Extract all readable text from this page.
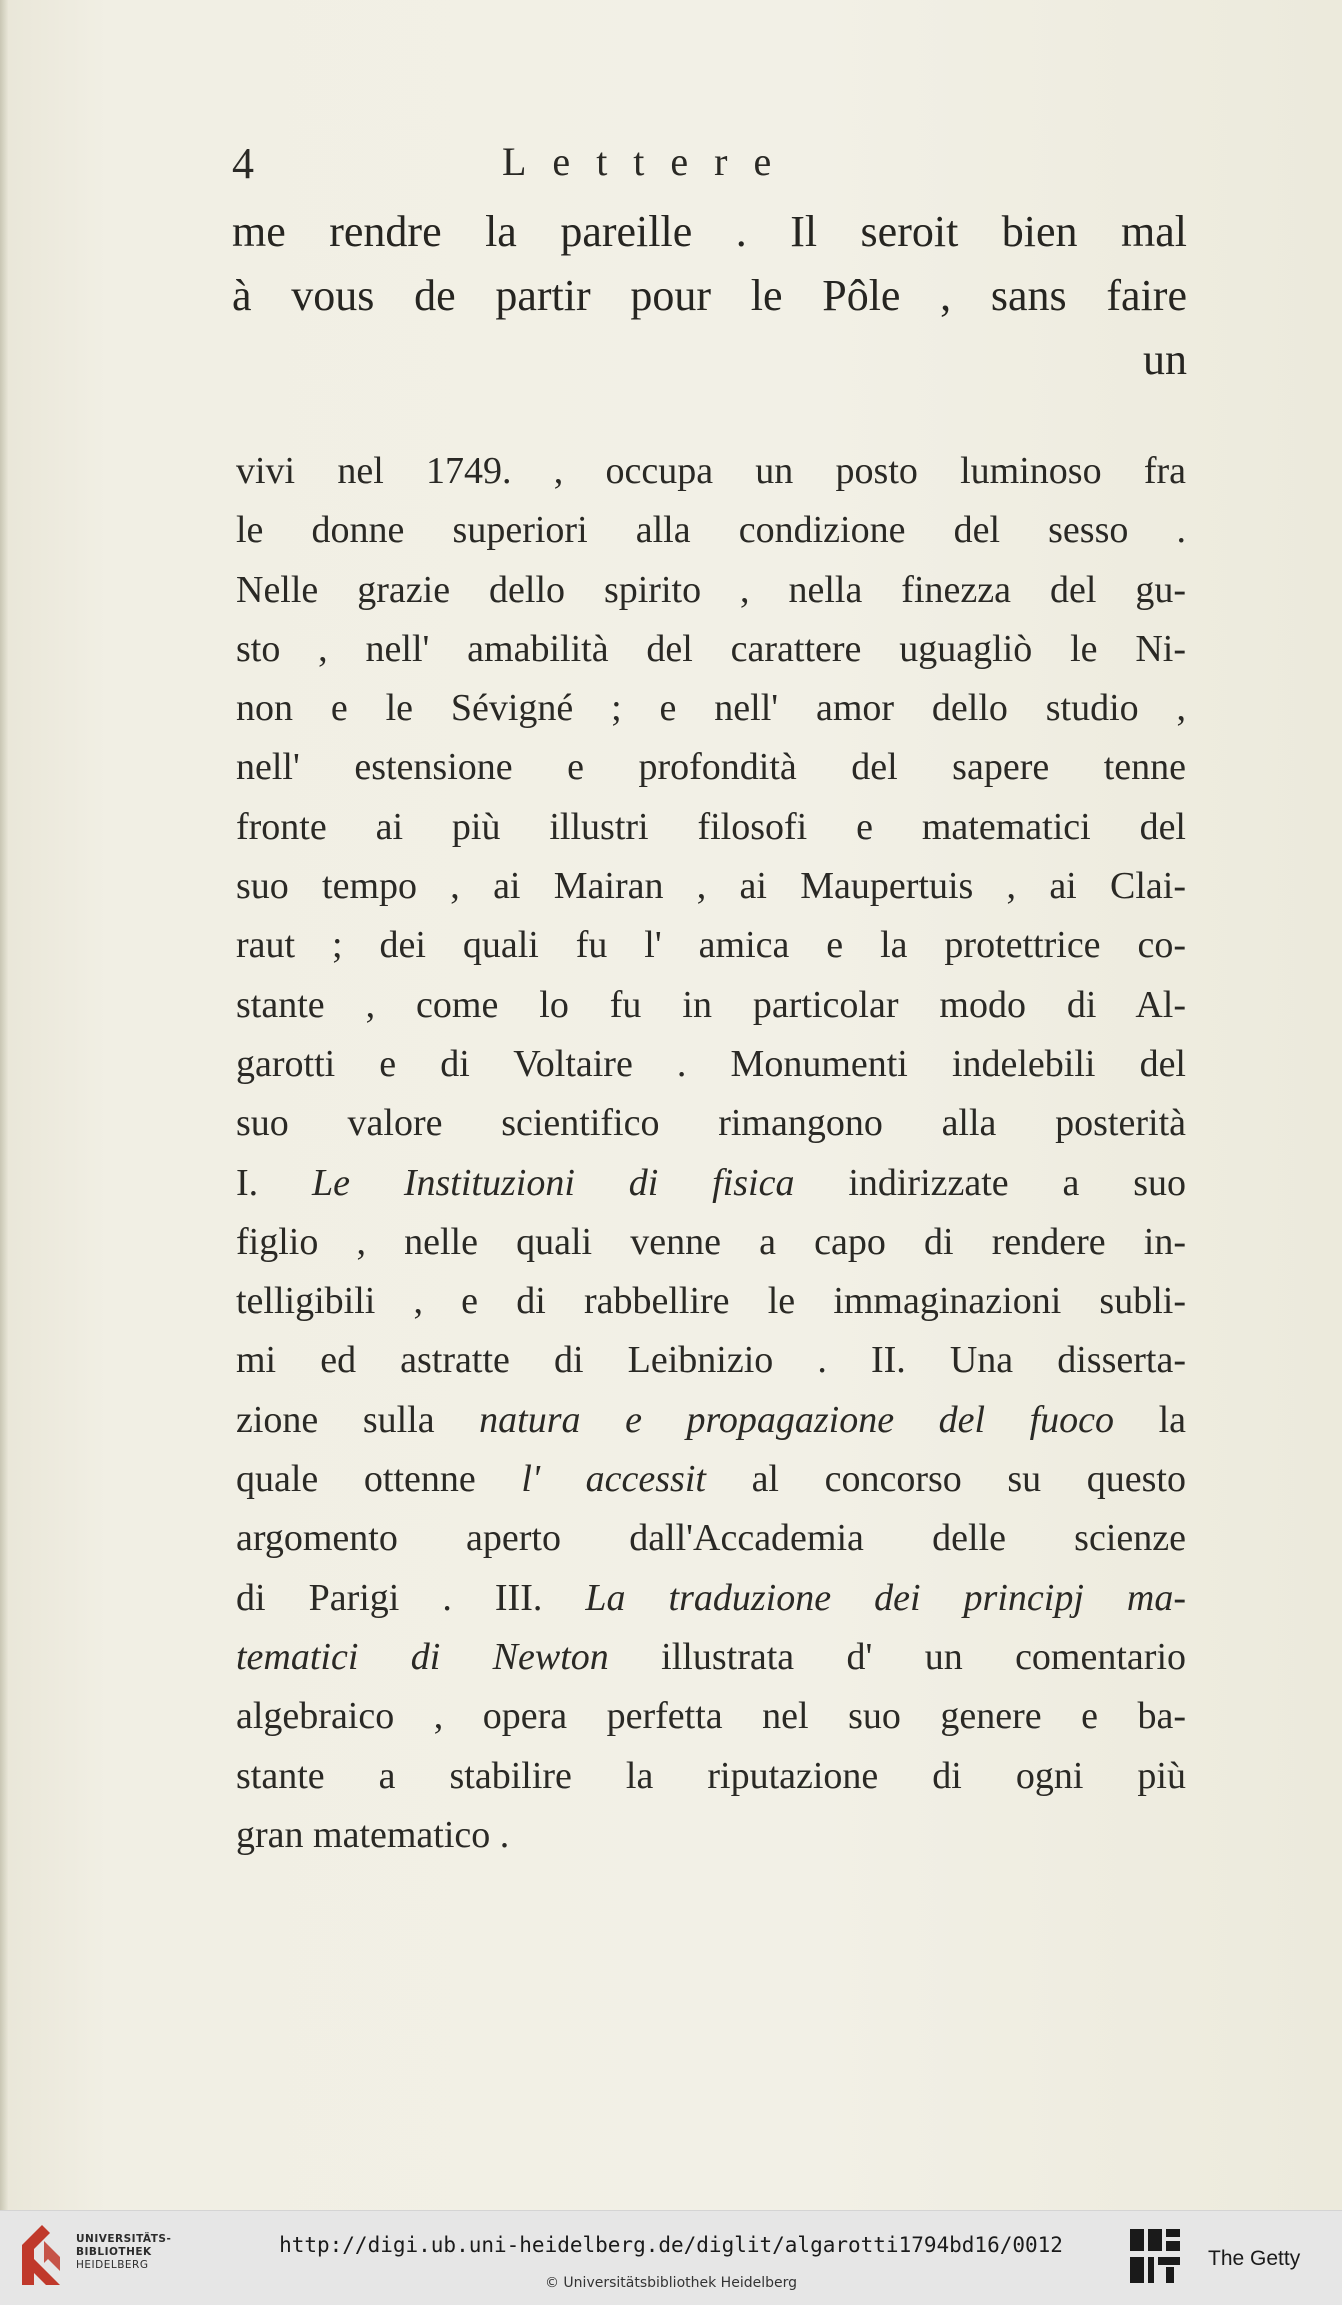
4	Lettere
me rendre la pareille . Il seroit bien mal
à vous de partir pour le Pôle , sans faire
un
vivi nel 1749. , occupa un posto luminoso fra
le donne superiori alla condizione del sesso .
Nelle grazie dello spirito , nella finezza del gu-
sto , nell' amabilità del carattere uguagliò le Ni-
non e le Sévigné ; e nell' amor dello studio ,
nell' estensione e profondità del sapere tenne
fronte ai più illustri filosofi e matematici del
suo tempo , ai Mairan , ai Maupertuis , ai Clai-
raut ; dei quali fu l' amica e la protettrice co-
stante , come lo fu in particolar modo di Al-
garotti e di Voltaire . Monumenti indelebili del
suo valore scientifico rimangono alla posterità
I. Le Instituzioni di fisica indirizzate a suo
figlio , nelle quali venne a capo di rendere in-
telligibili , e di rabbellire le immaginazioni subli-
mi ed astratte di Leibnizio . II. Una disserta-
zione sulla natura e propagazione del fuoco la
quale ottenne l' accessit al concorso su questo
argomento aperto dall'Accademia delle scienze
di Parigi . III. La traduzione dei principj ma-
tematici di Newton illustrata d' un comentario
algebraico , opera perfetta nel suo genere e ba-
stante a stabilire la riputazione di ogni più
gran matematico .
UNIVERSITÄTS-
BIBLIOTHEK
HEIDELBERG
http://digi.ub.uni-heidelberg.de/diglit/algarotti1794bd16/0012
© Universitätsbibliothek Heidelberg
The Getty
